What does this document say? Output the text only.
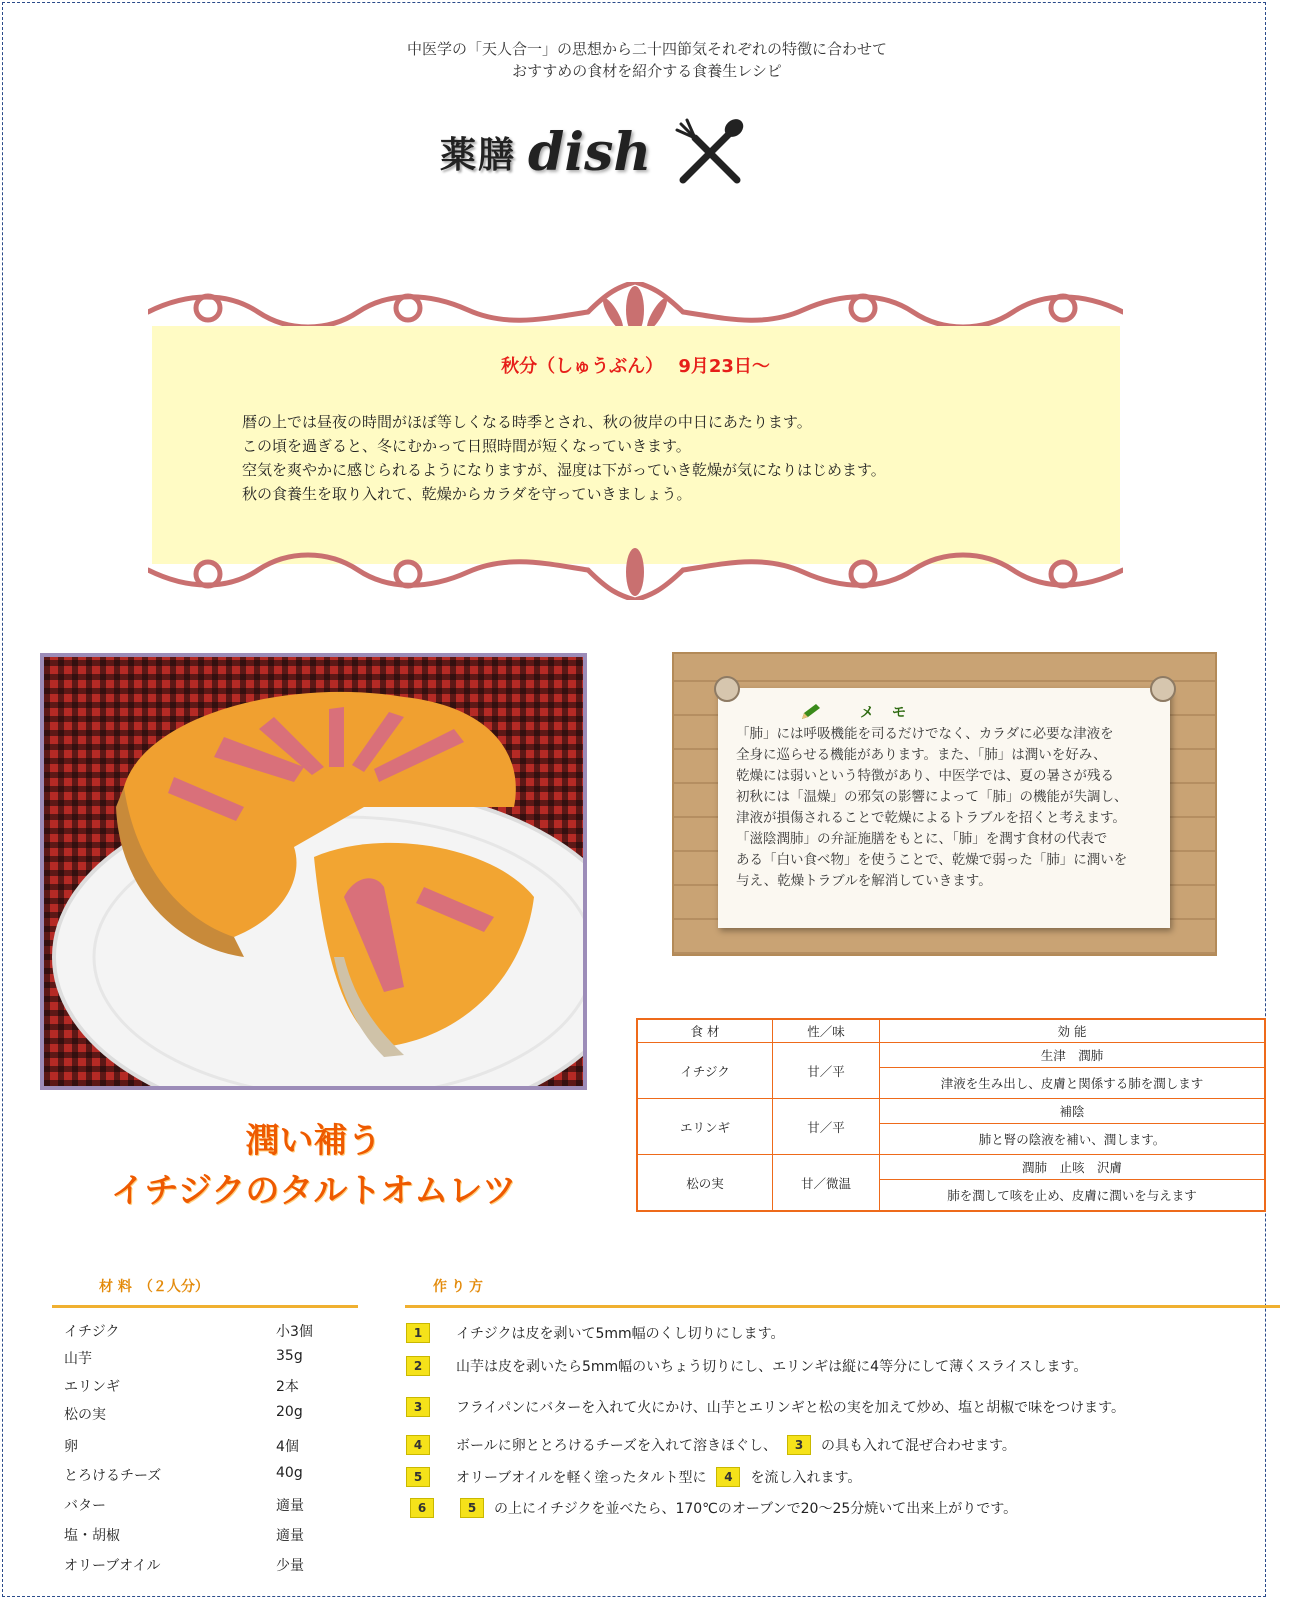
中医学の「天人合一」の思想から二十四節気それぞれの特徴に合わせて
おすすめの食材を紹介する食養生レシピ
薬膳 dish
秋分（しゅうぶん）　 9月23日～
暦の上では昼夜の時間がほぼ等しくなる時季とされ、秋の彼岸の中日にあたります。
この頃を過ぎると、冬にむかって日照時間が短くなっていきます。
空気を爽やかに感じられるようになりますが、湿度は下がっていき乾燥が気になりはじめます。
秋の食養生を取り入れて、乾燥からカラダを守っていきましょう。
潤い補う
イチジクのタルトオムレツ
メモ
「肺」には呼吸機能を司るだけでなく、カラダに必要な津液を
全身に巡らせる機能があります。また、「肺」は潤いを好み、
乾燥には弱いという特徴があり、中医学では、夏の暑さが残る
初秋には「温燥」の邪気の影響によって「肺」の機能が失調し、
津液が損傷されることで乾燥によるトラブルを招くと考えます。
「滋陰潤肺」の弁証施膳をもとに、「肺」を潤す食材の代表で
ある「白い食べ物」を使うことで、乾燥で弱った「肺」に潤いを
与え、乾燥トラブルを解消していきます。
食 材	性／味	効 能
イチジク	甘／平	生津　潤肺
		津液を生み出し、皮膚と関係する肺を潤します
エリンギ	甘／平	補陰
		肺と腎の陰液を補い、潤します。
松の実	甘／微温	潤肺　止咳　沢膚
		肺を潤して咳を止め、皮膚に潤いを与えます
材 料　（２人分）	作り方
イチジク	小3個
山芋	35g
エリンギ	2本
松の実	20g
卵	4個
とろけるチーズ	40g
バター	適量
塩・胡椒	適量
オリーブオイル	少量
1	イチジクは皮を剥いて5mm幅のくし切りにします。
2	山芋は皮を剥いたら5mm幅のいちょう切りにし、エリンギは縦に4等分にして薄くスライスします。
3	フライパンにバターを入れて火にかけ、山芋とエリンギと松の実を加えて炒め、塩と胡椒で味をつけます。
4	ボールに卵ととろけるチーズを入れて溶きほぐし、	3	の具も入れて混ぜ合わせます。
5	オリーブオイルを軽く塗ったタルト型に	4	を流し入れます。
6	5	の上にイチジクを並べたら、170℃のオーブンで20～25分焼いて出来上がりです。
